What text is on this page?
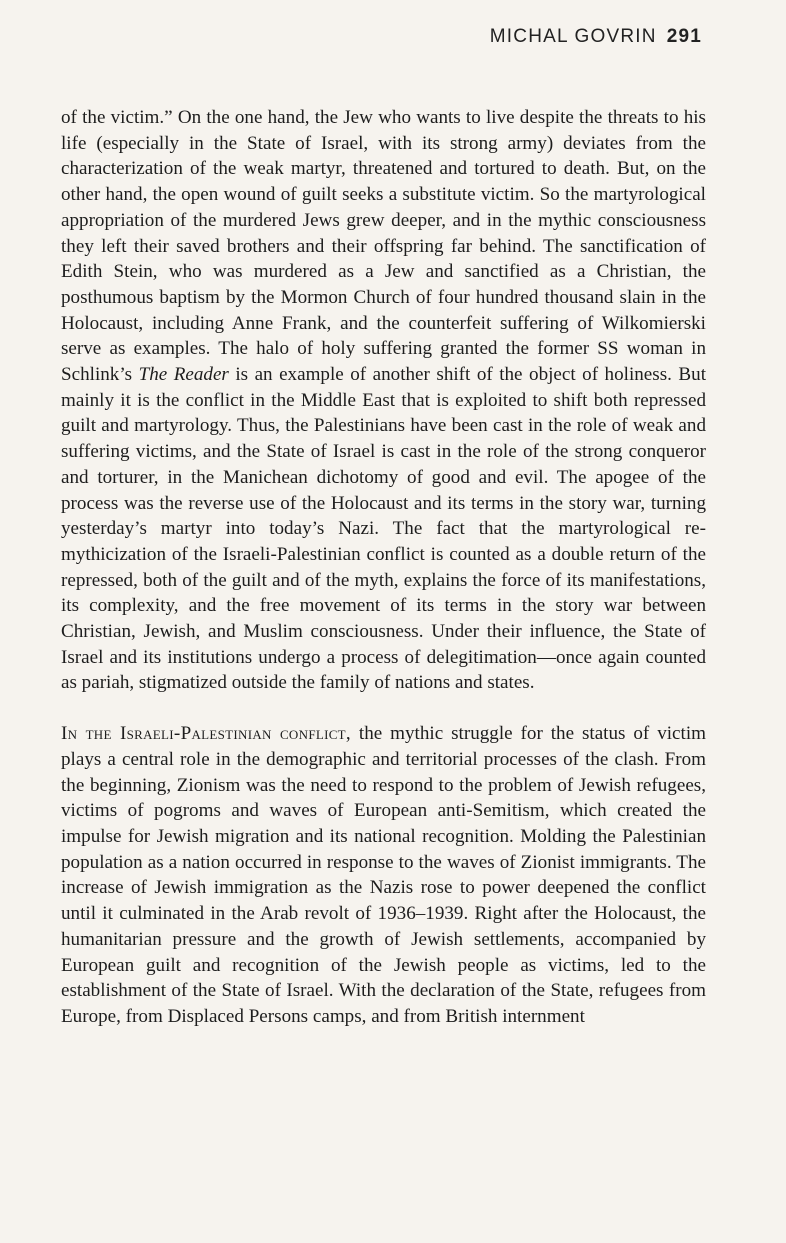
MICHAL GOVRIN 291

of the victim.” On the one hand, the Jew who wants to live despite the threats to his life (especially in the State of Israel, with its strong army) deviates from the characterization of the weak martyr, threatened and tortured to death. But, on the other hand, the open wound of guilt seeks a substitute victim. So the martyrological appropriation of the murdered Jews grew deeper, and in the mythic consciousness they left their saved brothers and their offspring far behind. The sanctification of Edith Stein, who was murdered as a Jew and sanctified as a Christian, the posthumous baptism by the Mormon Church of four hundred thousand slain in the Holocaust, including Anne Frank, and the counterfeit suffering of Wilkomierski serve as examples. The halo of holy suffering granted the former SS woman in Schlink’s The Reader is an example of another shift of the object of holiness. But mainly it is the conflict in the Middle East that is exploited to shift both repressed guilt and martyrology. Thus, the Palestinians have been cast in the role of weak and suffering victims, and the State of Israel is cast in the role of the strong conqueror and torturer, in the Manichean dichotomy of good and evil. The apogee of the process was the reverse use of the Holocaust and its terms in the story war, turning yesterday’s martyr into today’s Nazi. The fact that the martyrological re-mythicization of the Israeli-Palestinian conflict is counted as a double return of the repressed, both of the guilt and of the myth, explains the force of its manifestations, its complexity, and the free movement of its terms in the story war between Christian, Jewish, and Muslim consciousness. Under their influence, the State of Israel and its institutions undergo a process of delegitimation—once again counted as pariah, stigmatized outside the family of nations and states.

In the Israeli-Palestinian conflict, the mythic struggle for the status of victim plays a central role in the demographic and territorial processes of the clash. From the beginning, Zionism was the need to respond to the problem of Jewish refugees, victims of pogroms and waves of European anti-Semitism, which created the impulse for Jewish migration and its national recognition. Molding the Palestinian population as a nation occurred in response to the waves of Zionist immigrants. The increase of Jewish immigration as the Nazis rose to power deepened the conflict until it culminated in the Arab revolt of 1936–1939. Right after the Holocaust, the humanitarian pressure and the growth of Jewish settlements, accompanied by European guilt and recognition of the Jewish people as victims, led to the establishment of the State of Israel. With the declaration of the State, refugees from Europe, from Displaced Persons camps, and from British internment
